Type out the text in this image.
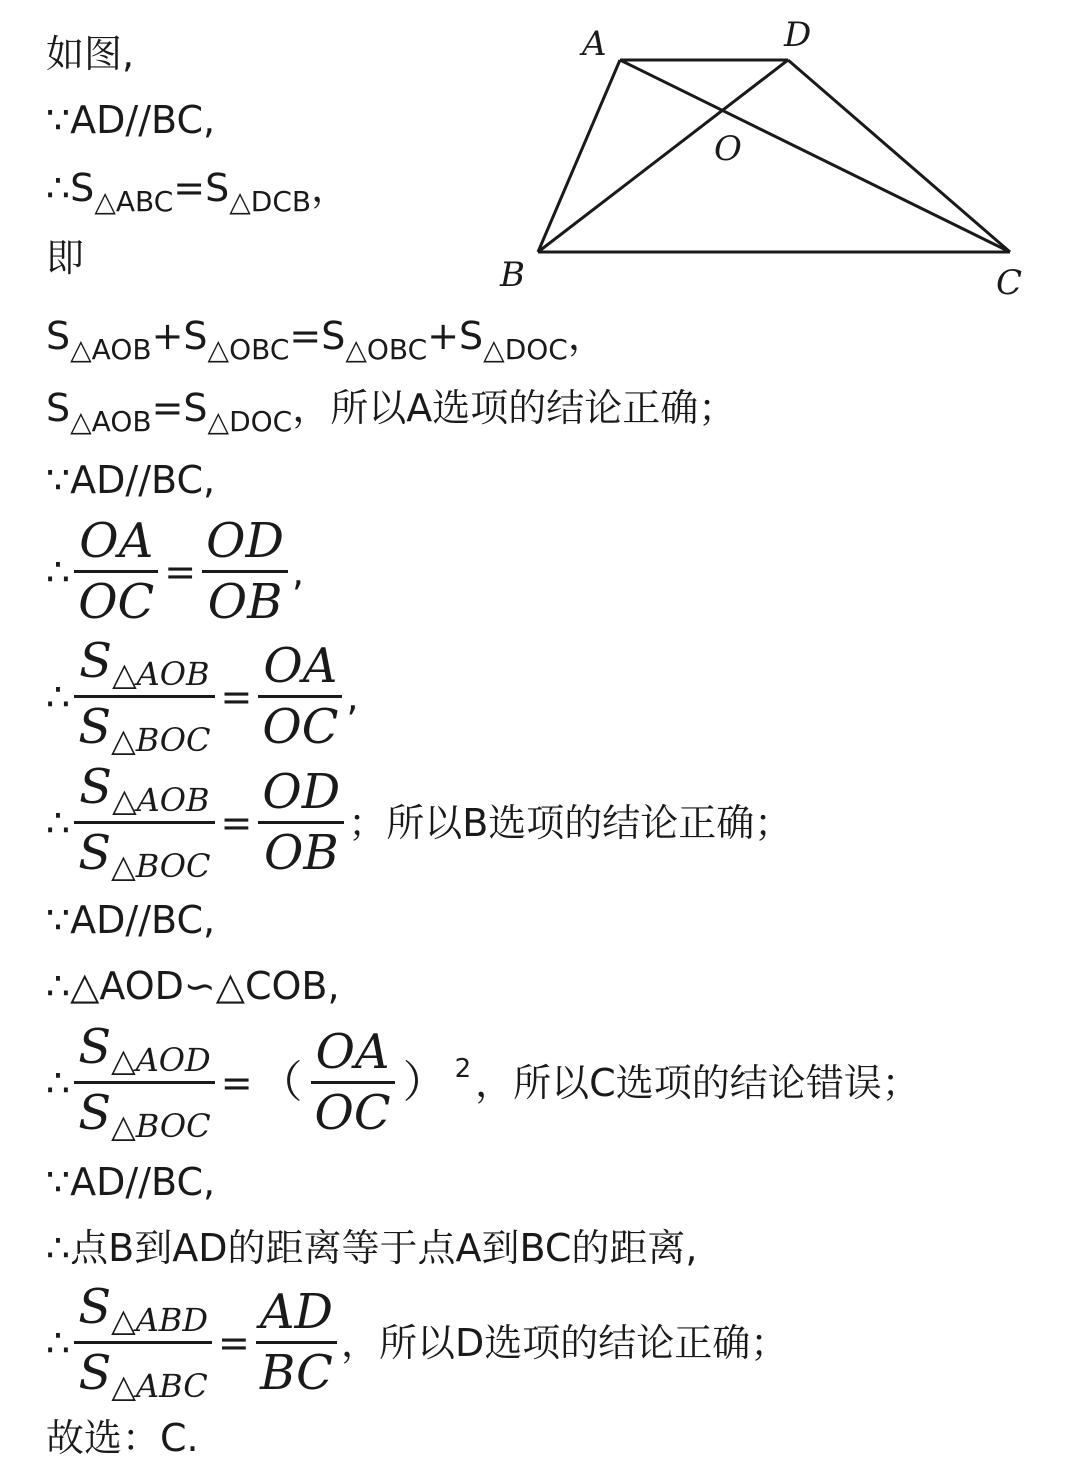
A	D
O
B	C
如图,
∵AD//BC,
∴S △ABC =S △DCB ，
即
S △AOB +S △OBC =S △OBC +S △DOC ，
S △AOB =S △DOC ，所以A选项的结论正确；
∵AD//BC,
∴ $\frac{OA}{OC} = \frac{OD}{OB}$ ,
∴ $\frac{\text{S△AOB}}{\text{S△BOC}} = \frac{OA}{OC}$ ,
∴ $\frac{\text{S△AOB}}{\text{S△BOC}} = \frac{OD}{OB}$ ；所以B选项的结论正确；
∵AD//BC,
∴△AOD∽△COB,
∴ $\frac{\text{S△AOD}}{\text{S△BOC}}$ = （ $\frac{OA}{OC}$ ） 2 ，所以C选项的结论错误；
∵AD//BC,
∴点B到AD的距离等于点A到BC的距离,
∴ $\frac{\text{S△ABD}}{\text{S△ABC}} = \frac{AD}{BC}$ ，所以D选项的结论正确；
故选：C.
